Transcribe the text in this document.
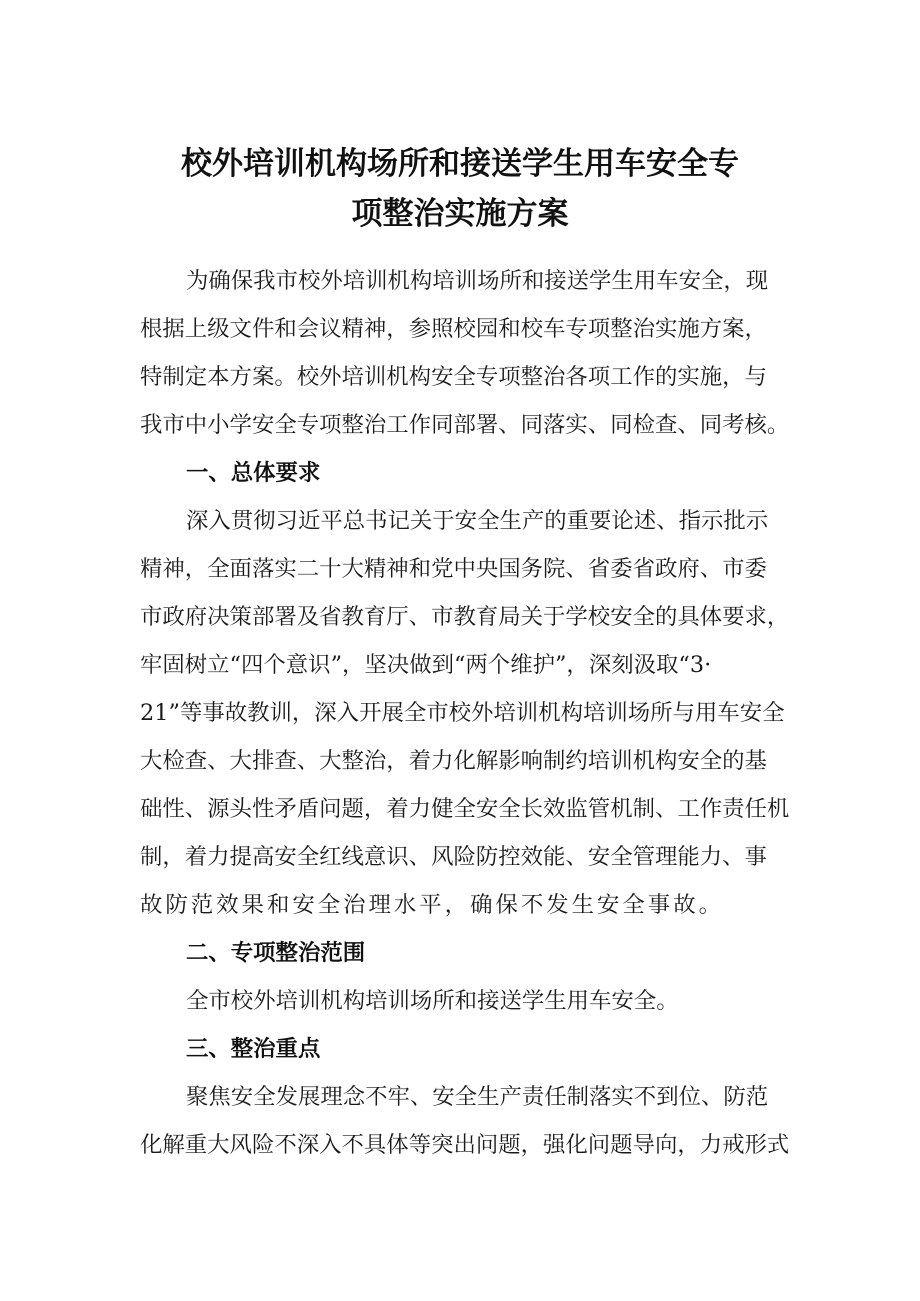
校外培训机构场所和接送学生用车安全专
项整治实施方案
为确保我市校外培训机构培训场所和接送学生用车安全，现
根据上级文件和会议精神，参照校园和校车专项整治实施方案，
特制定本方案。校外培训机构安全专项整治各项工作的实施，与
我市中小学安全专项整治工作同部署、同落实、同检查、同考核。
一、总体要求
深入贯彻习近平总书记关于安全生产的重要论述、指示批示
精神，全面落实二十大精神和党中央国务院、省委省政府、市委
市政府决策部署及省教育厅、市教育局关于学校安全的具体要求，
牢固树立“四个意识”，坚决做到“两个维护”，深刻汲取“3·
21”等事故教训，深入开展全市校外培训机构培训场所与用车安全
大检查、大排查、大整治，着力化解影响制约培训机构安全的基
础性、源头性矛盾问题，着力健全安全长效监管机制、工作责任机
制，着力提高安全红线意识、风险防控效能、安全管理能力、事
故防范效果和安全治理水平，确保不发生安全事故。
二、专项整治范围
全市校外培训机构培训场所和接送学生用车安全。
三、整治重点
聚焦安全发展理念不牢、安全生产责任制落实不到位、防范
化解重大风险不深入不具体等突出问题，强化问题导向，力戒形式
